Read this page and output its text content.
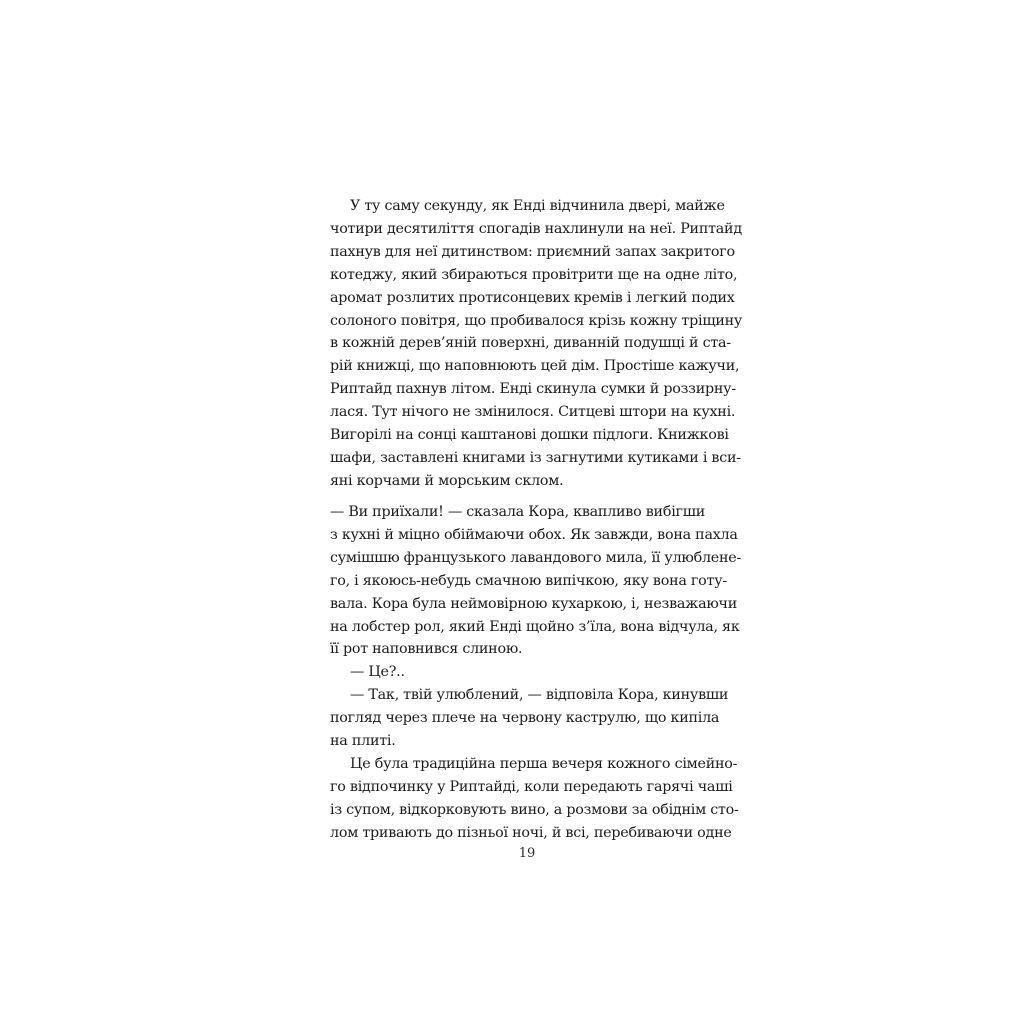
У ту саму секунду, як Енді відчинила двері, майже
чотири десятиліття спогадів нахлинули на неї. Риптайд
пахнув для неї дитинством: приємний запах закритого
котеджу, який збираються провітрити ще на одне літо,
аромат розлитих протисонцевих кремів і легкий подих
солоного повітря, що пробивалося крізь кожну тріщину
в кожній дерев’яній поверхні, диванній подушці й ста-
рій книжці, що наповнюють цей дім. Простіше кажучи,
Риптайд пахнув літом. Енді скинула сумки й роззирну-
лася. Тут нічого не змінилося. Ситцеві штори на кухні.
Вигорілі на сонці каштанові дошки підлоги. Книжкові
шафи, заставлені книгами із загнутими кутиками і вси-
яні корчами й морським склом.
— Ви приїхали! — сказала Кора, квапливо вибігши
з кухні й міцно обіймаючи обох. Як завжди, вона пахла
сумішшю французького лавандового мила, її улюблене-
го, і якоюсь-небудь смачною випічкою, яку вона готу-
вала. Кора була неймовірною кухаркою, і, незважаючи
на лобстер рол, який Енді щойно з’їла, вона відчула, як
її рот наповнився слиною.
— Це?..
— Так, твій улюблений, — відповіла Кора, кинувши
погляд через плече на червону каструлю, що кипіла
на плиті.
Це була традиційна перша вечеря кожного сімейно-
го відпочинку у Риптайді, коли передають гарячі чаші
із супом, відкорковують вино, а розмови за обіднім сто-
лом тривають до пізньої ночі, й всі, перебиваючи одне
19
